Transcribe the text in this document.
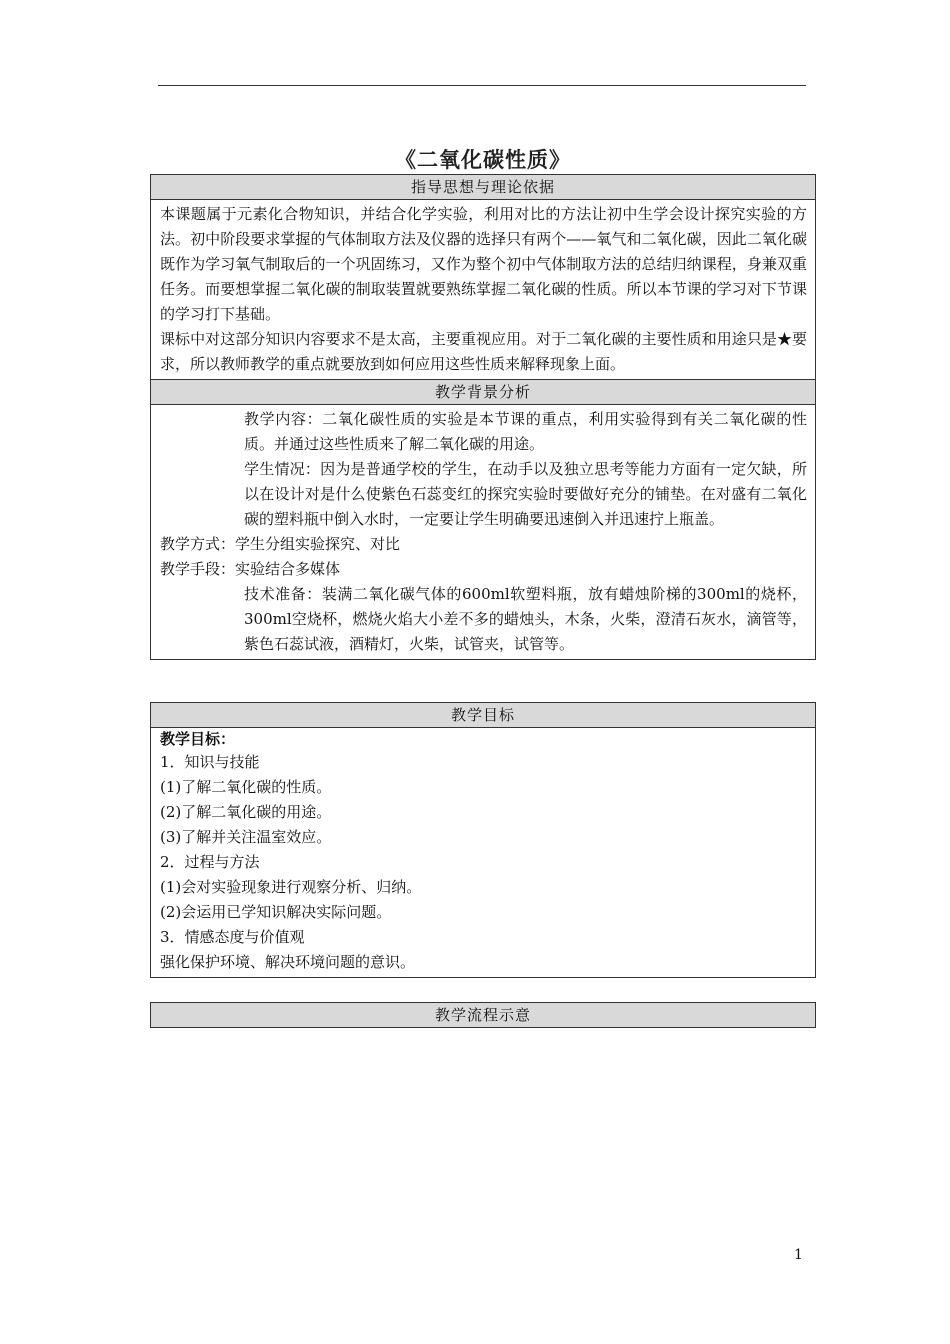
《二氧化碳性质》
指导思想与理论依据

本课题属于元素化合物知识，并结合化学实验，利用对比的方法让初中生学会设计探究实验的方法。初中阶段要求掌握的气体制取方法及仪器的选择只有两个——氧气和二氧化碳，因此二氧化碳既作为学习氧气制取后的一个巩固练习，又作为整个初中气体制取方法的总结归纳课程，身兼双重任务。而要想掌握二氧化碳的制取装置就要熟练掌握二氧化碳的性质。所以本节课的学习对下节课的学习打下基础。

课标中对这部分知识内容要求不是太高，主要重视应用。对于二氧化碳的主要性质和用途只是★要求，所以教师教学的重点就要放到如何应用这些性质来解释现象上面。

教学背景分析

教学内容：二氧化碳性质的实验是本节课的重点，利用实验得到有关二氧化碳的性质。并通过这些性质来了解二氧化碳的用途。

学生情况：因为是普通学校的学生，在动手以及独立思考等能力方面有一定欠缺，所以在设计对是什么使紫色石蕊变红的探究实验时要做好充分的铺垫。在对盛有二氧化碳的塑料瓶中倒入水时，一定要让学生明确要迅速倒入并迅速拧上瓶盖。

教学方式：学生分组实验探究、对比

教学手段：实验结合多媒体

技术准备：装满二氧化碳气体的600ml软塑料瓶，放有蜡烛阶梯的300ml的烧杯，300ml空烧杯，燃烧火焰大小差不多的蜡烛头，木条，火柴，澄清石灰水，滴管等，紫色石蕊试液，酒精灯，火柴，试管夹，试管等。

教学目标

教学目标：

1．知识与技能

(1)了解二氧化碳的性质。

(2)了解二氧化碳的用途。

(3)了解并关注温室效应。

2．过程与方法

(1)会对实验现象进行观察分析、归纳。

(2)会运用已学知识解决实际问题。

3．情感态度与价值观

强化保护环境、解决环境问题的意识。

教学流程示意
1
